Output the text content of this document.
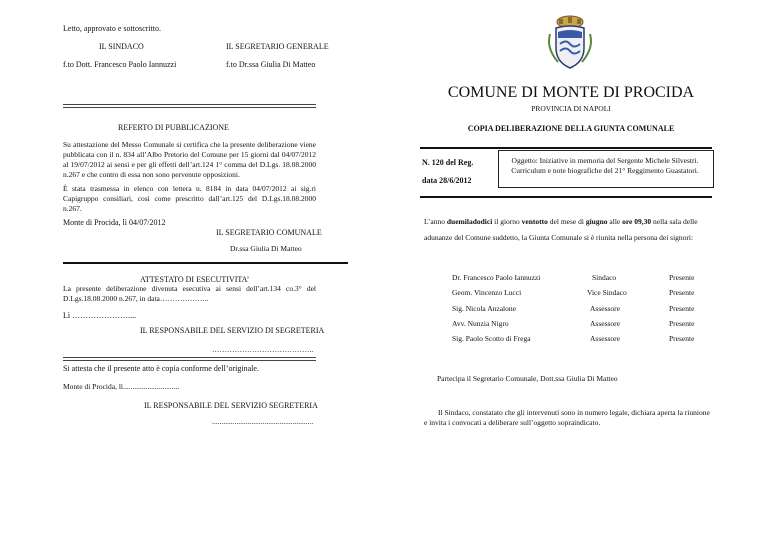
Letto, approvato e sottoscritto.
IL SINDACO	IL SEGRETARIO GENERALE
f.to Dott. Francesco Paolo Iannuzzi	f.to Dr.ssa Giulia Di Matteo
REFERTO DI PUBBLICAZIONE
Su attestazione del Messo Comunale si certifica che la presente deliberazione viene pubblicata con il n. 834 all’Albo Pretorio del Comune per 15 giorni dal 04/07/2012 al 19/07/2012 ai sensi e per gli effetti dell’art.124 1° comma del D.Lgs. 18.08.2000 n.267 e che contro di essa non sono pervenute opposizioni.
È stata trasmessa in elenco con lettera n. 8184 in data 04/07/2012 ai sig.ri Capigruppo consiliari, così come prescritto dall’art.125 del D.Lgs.18.08.2000 n.267.
Monte di Procida, lì 04/07/2012
IL SEGRETARIO COMUNALE
Dr.ssa Giulia Di Matteo
ATTESTATO DI ESECUTIVITA’
La presente deliberazione divenuta esecutiva ai sensi dell’art.134 co.3° del D.Lgs.18.08.2000 n.267, in data………………..
Lì …………………....
IL RESPONSABILE DEL SERVIZIO DI SEGRETERIA
…………………………………..
Si attesta che il presente atto è copia conforme dell’originale.
Monte di Procida, lì..............................
IL RESPONSABILE DEL SERVIZIO SEGRETERIA
......................................................
COMUNE DI MONTE DI PROCIDA
PROVINCIA DI NAPOLI
COPIA DELIBERAZIONE DELLA GIUNTA COMUNALE
N. 120 del Reg.
data 28/6/2012
Oggetto: Iniziative in memoria del Sergente Michele Silvestri. Curriculum e note biografiche del 21° Reggimento Guastatori.
L’anno duemiladodici il giorno ventotto del mese di giugno alle ore 09,30 nella sala delle adunanze del Comune suddetto, la Giunta Comunale si è riunita nella persona dei signori:
Dr. Francesco Paolo Iannuzzi	Sindaco	Presente
Geom. Vincenzo Lucci	Vice Sindaco	Presente
Sig. Nicola Anzalone	Assessore	Presente
Avv. Nunzia Nigro	Assessore	Presente
Sig. Paolo Scotto di Frega	Assessore	Presente
Partecipa il Segretario Comunale, Dott.ssa Giulia Di Matteo
Il Sindaco, constatato che gli intervenuti sono in numero legale, dichiara aperta la riunione e invita i convocati a deliberare sull’oggetto sopraindicato.
